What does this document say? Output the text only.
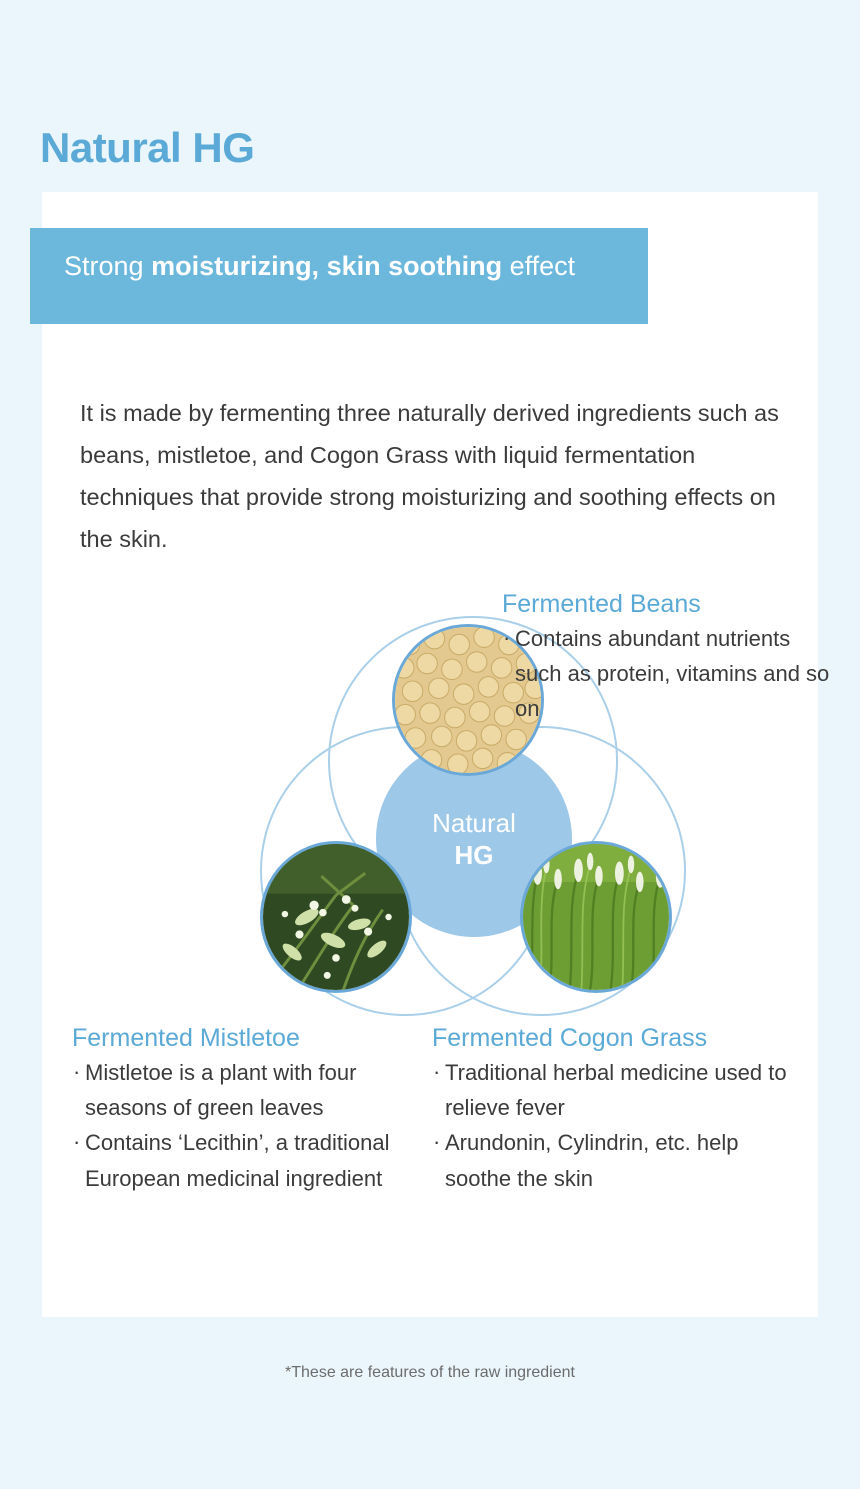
Natural HG
Strong moisturizing, skin soothing effect

It is made by fermenting three naturally derived ingredients such as beans, mistletoe, and Cogon Grass with liquid fermentation techniques that provide strong moisturizing and soothing effects on the skin.

Natural
HG
Fermented Beans
· Contains abundant nutrients such as protein, vitamins and so on
Fermented Mistletoe
· Mistletoe is a plant with four seasons of green leaves
· Contains ‘Lecithin’, a traditional European medicinal ingredient
Fermented Cogon Grass
· Traditional herbal medicine used to relieve fever
· Arundonin, Cylindrin, etc. help soothe the skin
*These are features of the raw ingredient
